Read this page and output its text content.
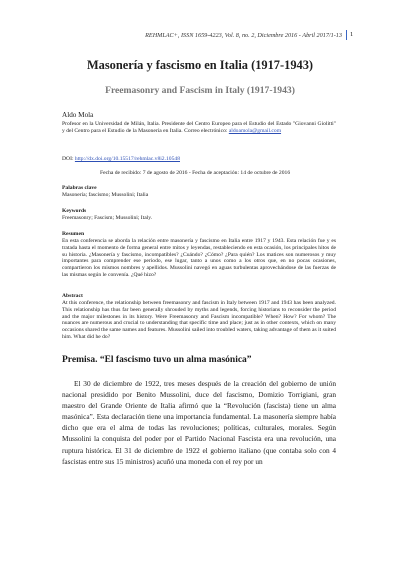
REHMLAC+, ISSN 1659-4223, Vol. 8, no. 2, Diciembre 2016 - Abril 2017/1-13	1
Masonería y fascismo en Italia (1917-1943)
Freemasonry and Fascism in Italy (1917-1943)
Aldo Mola
Profesor en la Universidad de Milán, Italia. Presidente del Centro Europeo para el Estudio del Estado "Giovanni Giolitti" y del Centro para el Estudio de la Masonería en Italia. Correo electrónico: aldoamola@gmail.com
DOI: http://dx.doi.org/10.15517/rehmlac.v8i2.10548
Fecha de recibido: 7 de agosto de 2016 - Fecha de aceptación: 14 de octubre de 2016
Palabras clave
Masonería; fascismo; Mussolini; Italia
Keywords
Freemasonry; Fascism; Mussolini; Italy.
Resumen
En esta conferencia se aborda la relación entre masonería y fascismo en Italia entre 1917 y 1943. Esta relación fue y es tratada hasta el momento de forma general entre mitos y leyendas, restableciendo en esta ocasión, los principales hitos de su historia. ¿Masonería y fascismo, incompatibles? ¿Cuándo? ¿Cómo? ¿Para quién? Los matices son numerosos y muy importantes para comprender ese periodo, ese lugar, tanto a unos como a los otros que, en no pocas ocasiones, compartieron los mismos nombres y apellidos. Mussolini navegó en aguas turbulentas aprovechándose de las fuerzas de las mismas según le convenía. ¿Qué hizo?
Abstract
At this conference, the relationship between freemasonry and fascism in Italy between 1917 and 1943 has been analyzed. This relationship has thus far been generally shrouded by myths and legends, forcing historians to reconsider the period and the major milestones in its history. Were Freemasonry and Fascism incompatible? When? How? For whom? The nuances are numerous and crucial to understanding that specific time and place; just as in other contexts, which on many occasions shared the same names and features. Mussolini sailed into troubled waters, taking advantage of them as it suited him. What did he do?
Premisa. “El fascismo tuvo un alma masónica”
El 30 de diciembre de 1922, tres meses después de la creación del gobierno de unión nacional presidido por Benito Mussolini, duce del fascismo, Domizio Torrigiani, gran maestro del Grande Oriente de Italia afirmó que la “Revolución (fascista) tiene un alma masónica”. Esta declaración tiene una importancia fundamental. La masonería siempre había dicho que era el alma de todas las revoluciones; políticas, culturales, morales. Según Mussolini la conquista del poder por el Partido Nacional Fascista era una revolución, una ruptura histórica. El 31 de diciembre de 1922 el gobierno italiano (que contaba solo con 4 fascistas entre sus 15 ministros) acuñó una moneda con el rey por un
